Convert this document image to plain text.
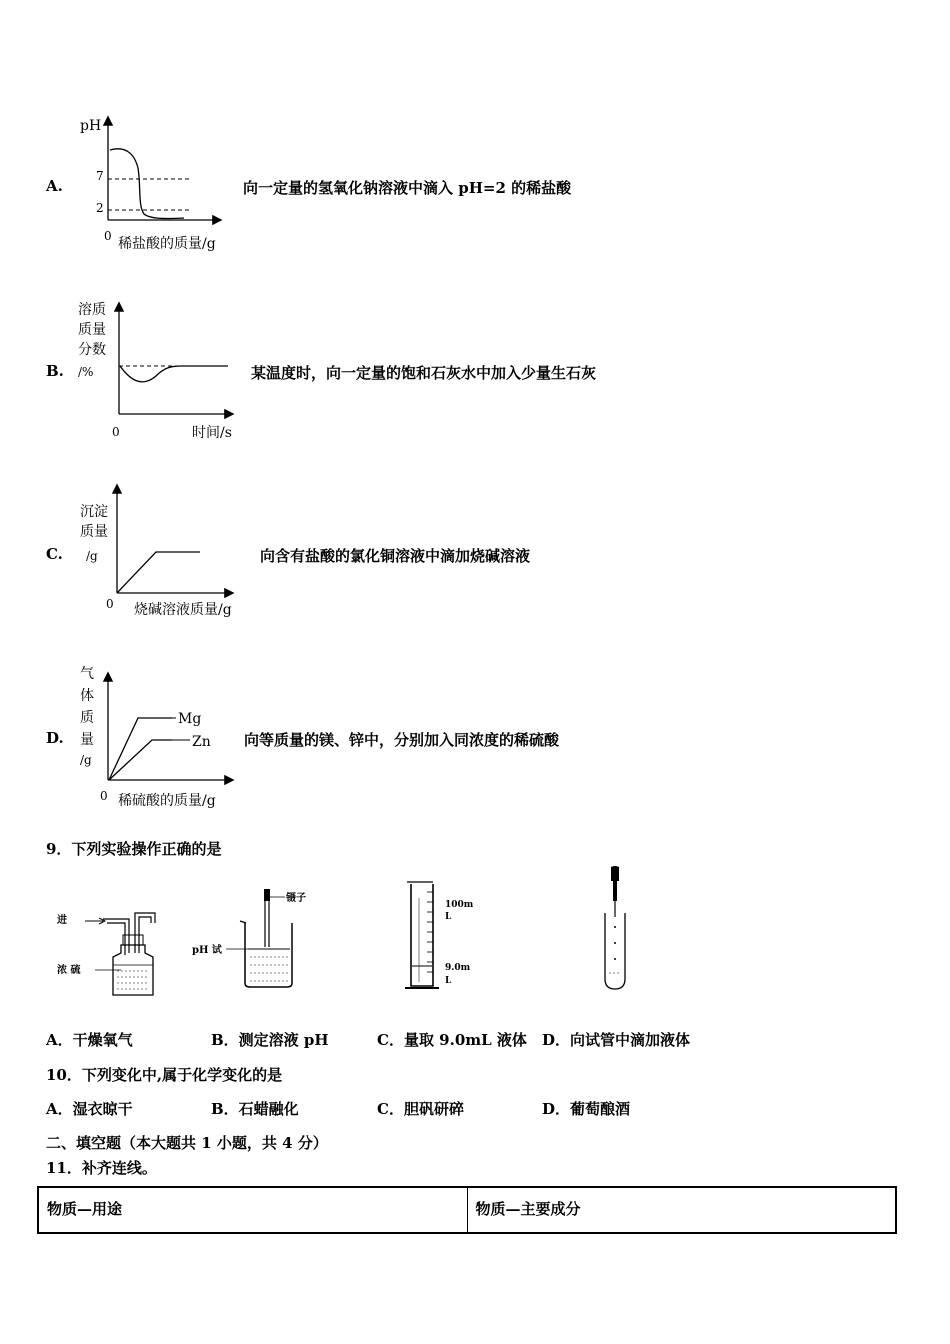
A.
pH
7
2
0 稀盐酸的质量/g
向一定量的氢氧化钠溶液中滴入 pH=2 的稀盐酸
B.
溶质
质量
分数
/%
0	时间/s
某温度时，向一定量的饱和石灰水中加入少量生石灰
C.
沉淀
质量
/g
0 烧碱溶液质量/g
向含有盐酸的氯化铜溶液中滴加烧碱溶液
D.
气
体
质
量
/g
Mg
Zn
0 稀硫酸的质量/g
向等质量的镁、锌中，分别加入同浓度的稀硫酸
9．下列实验操作正确的是
进
浓 硫
镊子
pH 试
100m
L
9.0m
L
A．干燥氧气	B．测定溶液 pH	C．量取 9.0mL 液体 D．向试管中滴加液体
10．下列变化中,属于化学变化的是
A．湿衣晾干	B．石蜡融化	C．胆矾研碎	D．葡萄酿酒
二、填空题（本大题共 1 小题，共 4 分）
11．补齐连线。
物质—用途	物质—主要成分
